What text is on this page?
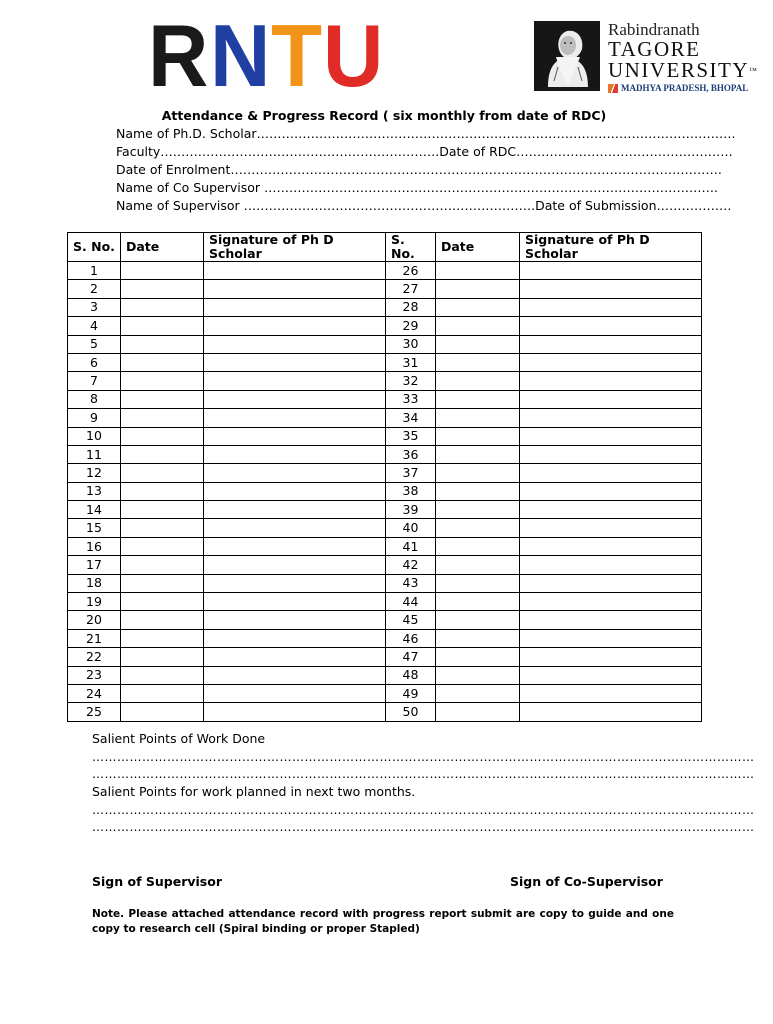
R N T U	Rabindranath
TAGORE
UNIVERSITY™
MADHYA PRADESH, BHOPAL
Attendance & Progress Record ( six monthly from date of RDC)
Name of Ph.D. Scholar…………………………………………………………………………………………………….
Faculty………………………………………………………….Date of RDC…………………………………………….
Date of Enrolment……………………………………………………………………………………………………….
Name of Co Supervisor ……………………………………………………………………………………………….
Name of Supervisor …………………………………………………………….Date of Submission………………
S. No.	Date	Signature of Ph D Scholar	S. No.	Date	Signature of Ph D Scholar
1			26		
2			27		
3			28		
4			29		
5			30		
6			31		
7			32		
8			33		
9			34		
10			35		
11			36		
12			37		
13			38		
14			39		
15			40		
16			41		
17			42		
18			43		
19			44		
20			45		
21			46		
22			47		
23			48		
24			49		
25			50		
Salient Points of Work Done
……………………………………………………………………………………………………………………………………………
……………………………………………………………………………………………………………………………………………
Salient Points for work planned in next two months.
……………………………………………………………………………………………………………………………………………
……………………………………………………………………………………………………………………………………………
Sign of Supervisor	Sign of Co-Supervisor
Note. Please attached attendance record with progress report submit are copy to guide and one copy to research cell (Spiral binding or proper Stapled)
